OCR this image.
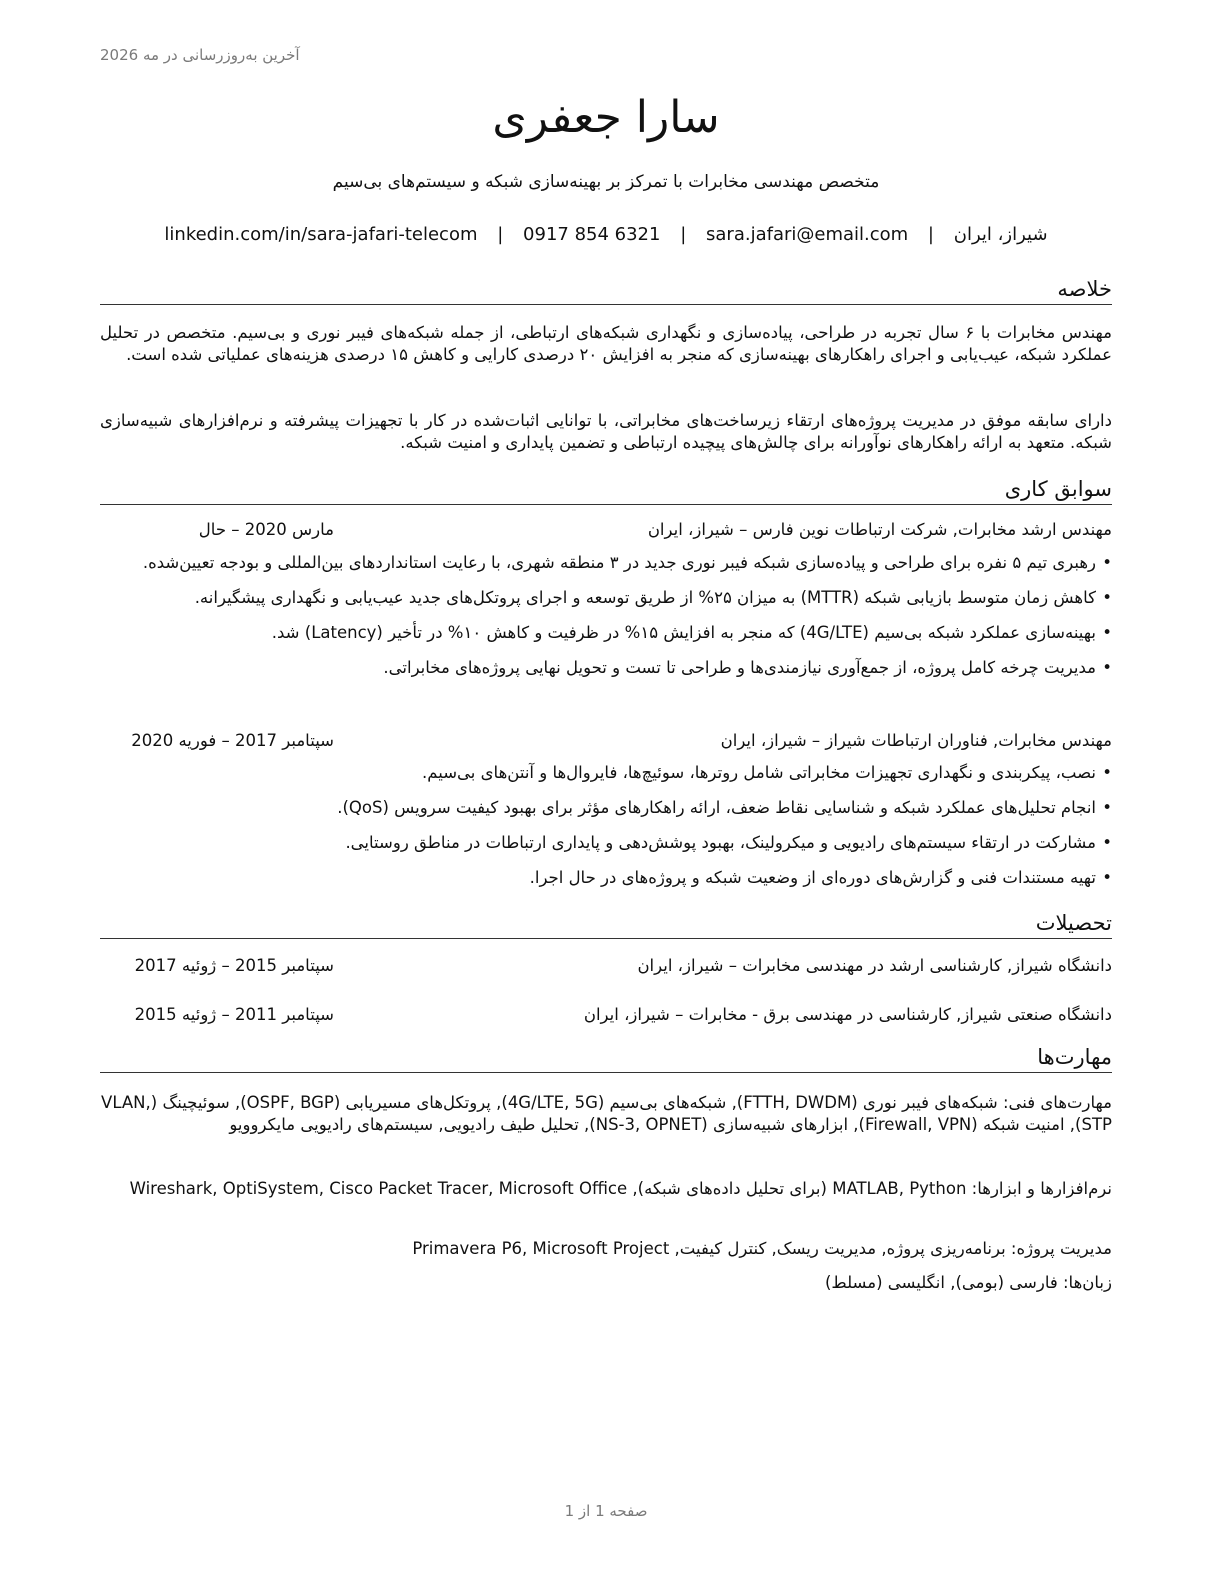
آخرین به‌روزرسانی در مه 2026
سارا جعفری
متخصص مهندسی مخابرات با تمرکز بر بهینه‌سازی شبکه و سیستم‌های بی‌سیم
شیراز، ایران | sara.jafari@email.com | 0917 854 6321 | linkedin.com/in/sara-jafari-telecom
خلاصه
مهندس مخابرات با ۶ سال تجربه در طراحی، پیاده‌سازی و نگهداری شبکه‌های ارتباطی، از جمله شبکه‌های فیبر نوری و بی‌سیم. متخصص در تحلیل عملکرد شبکه، عیب‌یابی و اجرای راهکارهای بهینه‌سازی که منجر به افزایش ۲۰ درصدی کارایی و کاهش ۱۵ درصدی هزینه‌های عملیاتی شده است.
دارای سابقه موفق در مدیریت پروژه‌های ارتقاء زیرساخت‌های مخابراتی، با توانایی اثبات‌شده در کار با تجهیزات پیشرفته و نرم‌افزارهای شبیه‌سازی شبکه. متعهد به ارائه راهکارهای نوآورانه برای چالش‌های پیچیده ارتباطی و تضمین پایداری و امنیت شبکه.
سوابق کاری
مهندس ارشد مخابرات, شرکت ارتباطات نوین فارس – شیراز، ایران
مارس 2020 – حال
• رهبری تیم ۵ نفره برای طراحی و پیاده‌سازی شبکه فیبر نوری جدید در ۳ منطقه شهری، با رعایت استانداردهای بین‌المللی و بودجه تعیین‌شده.
• کاهش زمان متوسط بازیابی شبکه (MTTR) به میزان ۲۵% از طریق توسعه و اجرای پروتکل‌های جدید عیب‌یابی و نگهداری پیشگیرانه.
• بهینه‌سازی عملکرد شبکه بی‌سیم (4G/LTE) که منجر به افزایش ۱۵% در ظرفیت و کاهش ۱۰% در تأخیر (Latency) شد.
• مدیریت چرخه کامل پروژه، از جمع‌آوری نیازمندی‌ها و طراحی تا تست و تحویل نهایی پروژه‌های مخابراتی.
مهندس مخابرات, فناوران ارتباطات شیراز – شیراز، ایران
سپتامبر 2017 – فوریه 2020
• نصب، پیکربندی و نگهداری تجهیزات مخابراتی شامل روترها، سوئیچ‌ها، فایروال‌ها و آنتن‌های بی‌سیم.
• انجام تحلیل‌های عملکرد شبکه و شناسایی نقاط ضعف، ارائه راهکارهای مؤثر برای بهبود کیفیت سرویس (QoS).
• مشارکت در ارتقاء سیستم‌های رادیویی و میکرولینک، بهبود پوشش‌دهی و پایداری ارتباطات در مناطق روستایی.
• تهیه مستندات فنی و گزارش‌های دوره‌ای از وضعیت شبکه و پروژه‌های در حال اجرا.
تحصیلات
دانشگاه شیراز, کارشناسی ارشد در مهندسی مخابرات – شیراز، ایران
سپتامبر 2015 – ژوئیه 2017
دانشگاه صنعتی شیراز, کارشناسی در مهندسی برق - مخابرات – شیراز، ایران
سپتامبر 2011 – ژوئیه 2015
مهارت‌ها
مهارت‌های فنی: شبکه‌های فیبر نوری (FTTH, DWDM), شبکه‌های بی‌سیم (4G/LTE, 5G), پروتکل‌های مسیریابی (OSPF, BGP), سوئیچینگ (VLAN, STP), امنیت شبکه (Firewall, VPN), ابزارهای شبیه‌سازی (NS-3, OPNET), تحلیل طیف رادیویی, سیستم‌های رادیویی مایکروویو
نرم‌افزارها و ابزارها: MATLAB, Python (برای تحلیل داده‌های شبکه), Wireshark, OptiSystem, Cisco Packet Tracer, Microsoft Office
مدیریت پروژه: برنامه‌ریزی پروژه, مدیریت ریسک, کنترل کیفیت, Primavera P6, Microsoft Project
زبان‌ها: فارسی (بومی), انگلیسی (مسلط)
صفحه 1 از 1
